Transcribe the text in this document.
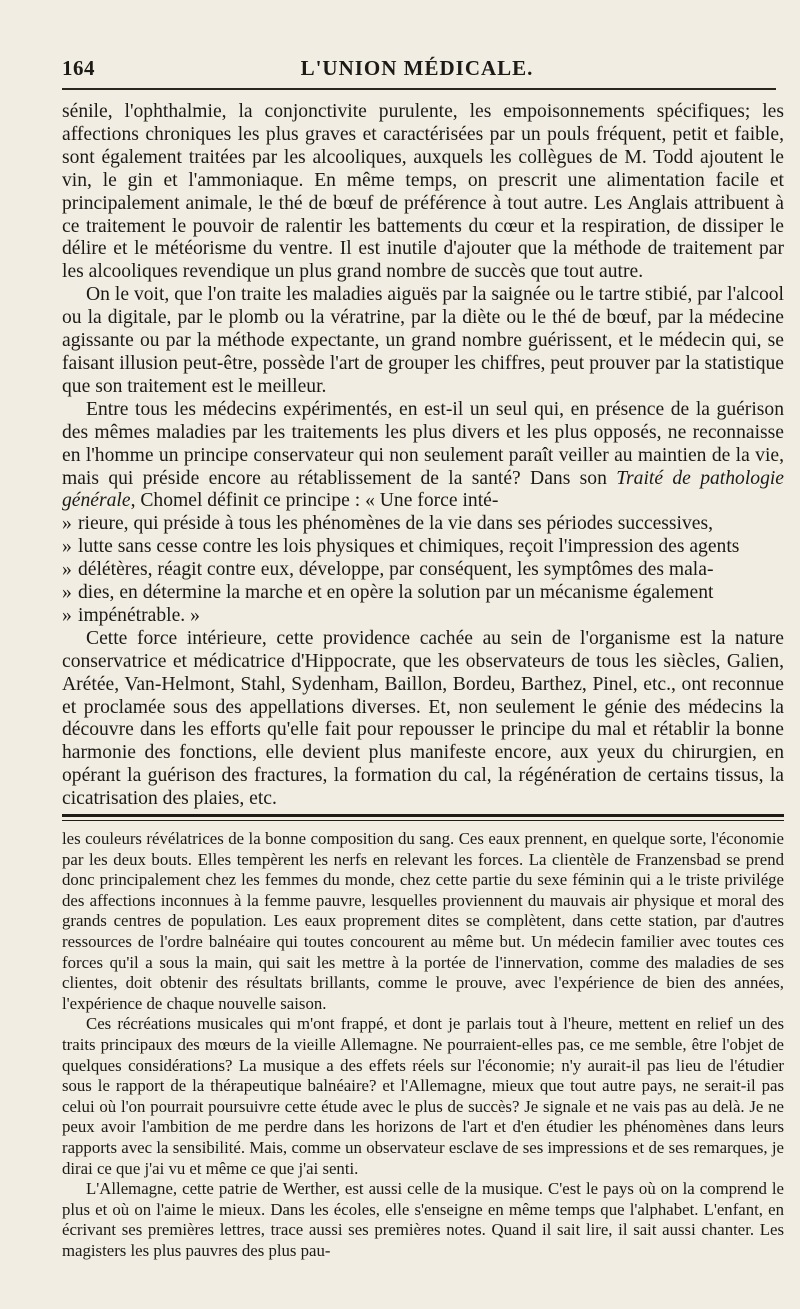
164	L'UNION MÉDICALE.

sénile, l'ophthalmie, la conjonctivite purulente, les empoisonnements spécifiques; les affections chroniques les plus graves et caractérisées par un pouls fréquent, petit et faible, sont également traitées par les alcooliques, auxquels les collègues de M. Todd ajoutent le vin, le gin et l'ammoniaque. En même temps, on prescrit une alimentation facile et principalement animale, le thé de bœuf de préférence à tout autre. Les Anglais attribuent à ce traitement le pouvoir de ralentir les battements du cœur et la respiration, de dissiper le délire et le météorisme du ventre. Il est inutile d'ajouter que la méthode de traitement par les alcooliques revendique un plus grand nombre de succès que tout autre.

On le voit, que l'on traite les maladies aiguës par la saignée ou le tartre stibié, par l'alcool ou la digitale, par le plomb ou la vératrine, par la diète ou le thé de bœuf, par la médecine agissante ou par la méthode expectante, un grand nombre guérissent, et le médecin qui, se faisant illusion peut-être, possède l'art de grouper les chiffres, peut prouver par la statistique que son traitement est le meilleur.

Entre tous les médecins expérimentés, en est-il un seul qui, en présence de la guérison des mêmes maladies par les traitements les plus divers et les plus opposés, ne reconnaisse en l'homme un principe conservateur qui non seulement paraît veiller au maintien de la vie, mais qui préside encore au rétablissement de la santé? Dans son Traité de pathologie générale, Chomel définit ce principe : « Une force inté-

» rieure, qui préside à tous les phénomènes de la vie dans ses périodes successives,
» lutte sans cesse contre les lois physiques et chimiques, reçoit l'impression des agents
» délétères, réagit contre eux, développe, par conséquent, les symptômes des mala-
» dies, en détermine la marche et en opère la solution par un mécanisme également
» impénétrable. »

Cette force intérieure, cette providence cachée au sein de l'organisme est la nature conservatrice et médicatrice d'Hippocrate, que les observateurs de tous les siècles, Galien, Arétée, Van-Helmont, Stahl, Sydenham, Baillon, Bordeu, Barthez, Pinel, etc., ont reconnue et proclamée sous des appellations diverses. Et, non seulement le génie des médecins la découvre dans les efforts qu'elle fait pour repousser le principe du mal et rétablir la bonne harmonie des fonctions, elle devient plus manifeste encore, aux yeux du chirurgien, en opérant la guérison des fractures, la formation du cal, la régénération de certains tissus, la cicatrisation des plaies, etc.

les couleurs révélatrices de la bonne composition du sang. Ces eaux prennent, en quelque sorte, l'économie par les deux bouts. Elles tempèrent les nerfs en relevant les forces. La clientèle de Franzensbad se prend donc principalement chez les femmes du monde, chez cette partie du sexe féminin qui a le triste privilége des affections inconnues à la femme pauvre, lesquelles proviennent du mauvais air physique et moral des grands centres de population. Les eaux proprement dites se complètent, dans cette station, par d'autres ressources de l'ordre balnéaire qui toutes concourent au même but. Un médecin familier avec toutes ces forces qu'il a sous la main, qui sait les mettre à la portée de l'innervation, comme des maladies de ses clientes, doit obtenir des résultats brillants, comme le prouve, avec l'expérience de bien des années, l'expérience de chaque nouvelle saison.

Ces récréations musicales qui m'ont frappé, et dont je parlais tout à l'heure, mettent en relief un des traits principaux des mœurs de la vieille Allemagne. Ne pourraient-elles pas, ce me semble, être l'objet de quelques considérations? La musique a des effets réels sur l'économie; n'y aurait-il pas lieu de l'étudier sous le rapport de la thérapeutique balnéaire? et l'Allemagne, mieux que tout autre pays, ne serait-il pas celui où l'on pourrait poursuivre cette étude avec le plus de succès? Je signale et ne vais pas au delà. Je ne peux avoir l'ambition de me perdre dans les horizons de l'art et d'en étudier les phénomènes dans leurs rapports avec la sensibilité. Mais, comme un observateur esclave de ses impressions et de ses remarques, je dirai ce que j'ai vu et même ce que j'ai senti.

L'Allemagne, cette patrie de Werther, est aussi celle de la musique. C'est le pays où on la comprend le plus et où on l'aime le mieux. Dans les écoles, elle s'enseigne en même temps que l'alphabet. L'enfant, en écrivant ses premières lettres, trace aussi ses premières notes. Quand il sait lire, il sait aussi chanter. Les magisters les plus pauvres des plus pau-
